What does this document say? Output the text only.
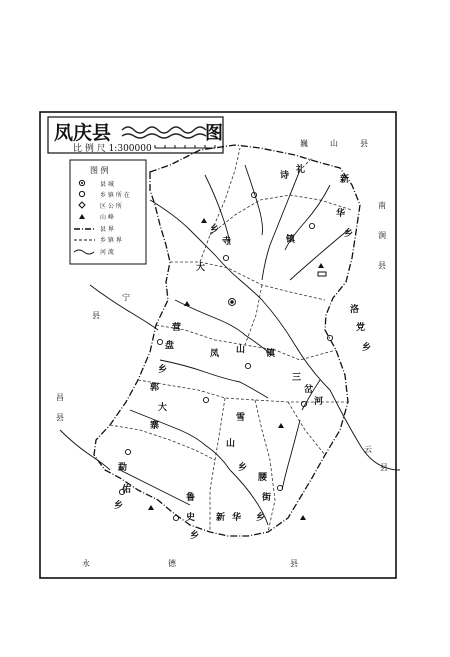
凤庆县	图
比 例 尺 1:300000
图 例
县 城
乡 镇 所 在
区 公 所
山 峰
县 界
乡 镇 界
河 流
巍	山	县
南
涧
县
宁
县
永	德	县
云
县
昌
县
新
华
乡
大
寺
乡
诗
礼
镇
凤 山 镇
营
盘
乡
洛
党
乡
三
岔
河
郭
大
寨
雪
山
乡
腰
街
乡
勐
佑
乡
鲁
史
乡
新 华
